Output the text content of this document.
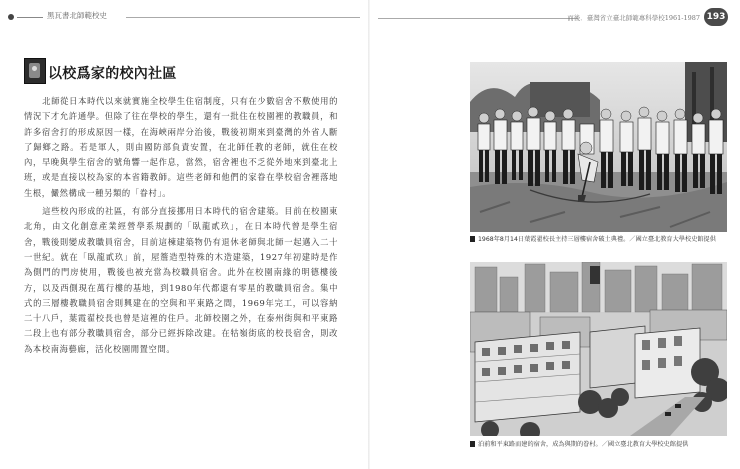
黑瓦書北師範校史
以校爲家的校內社區

北師從日本時代以來就實施全校學生住宿制度，只有在少數宿舍不敷使用的情況下才允許通學。但除了往在學校的學生，還有一批住在校園裡的教職員，和許多宿舍打的形成原因一樣，在海峽兩岸分治後，戰後初期來到臺灣的外省人斷了歸鄉之路。若是軍人，則由國防部負責安置，在北師任教的老師，就住在校內，早晚與學生宿舍的號角響一起作息，當然，宿舍裡也不乏從外地來到臺北上班，或是直接以校為家的本省籍教師。這些老師和他們的家眷在學校宿舍裡落地生根，儼然構成一種另類的「眷村」。

這些校內形成的社區，有部分直接挪用日本時代的宿舍建築。目前在校園東北角，由文化創意產業經營學系規劃的「臥龍貳玖」，在日本時代曾是學生宿舍，戰後則變成教職員宿舍，目前這棟建築物仍有退休老師與北師一起邁入二十一世紀。就在「臥龍貳玖」前，屋簷造型特殊的木造建築，1927年初建時是作為側門的門房使用，戰後也被充當為校職員宿舍。此外在校園南緣的明德樓後方，以及西側現在萬行樓的基地，到1980年代都還有零星的教職員宿舍。集中式的三層樓教職員宿舍則興建在的空與和平東路之間，1969年完工，可以容納二十八戶，葉霞翟校長也曾是這裡的住戶。北師校園之外，在泰州街與和平東路二段上也有部分教職員宿舍，部分已經拆除改建。在牯嶺街底的校長宿舍，則改為本校南海藝廊，活化校園閒置空間。

而後．臺灣省立臺北師範專科學校1961-1987 193
1968年8月14日葉霞翟校長主持三層樓宿舍破土典禮。／國立臺北教育大學校史館提供
泊前和平東路而建的宿舍，成為與期的眷村。／國立臺北教育大學校史館提供
